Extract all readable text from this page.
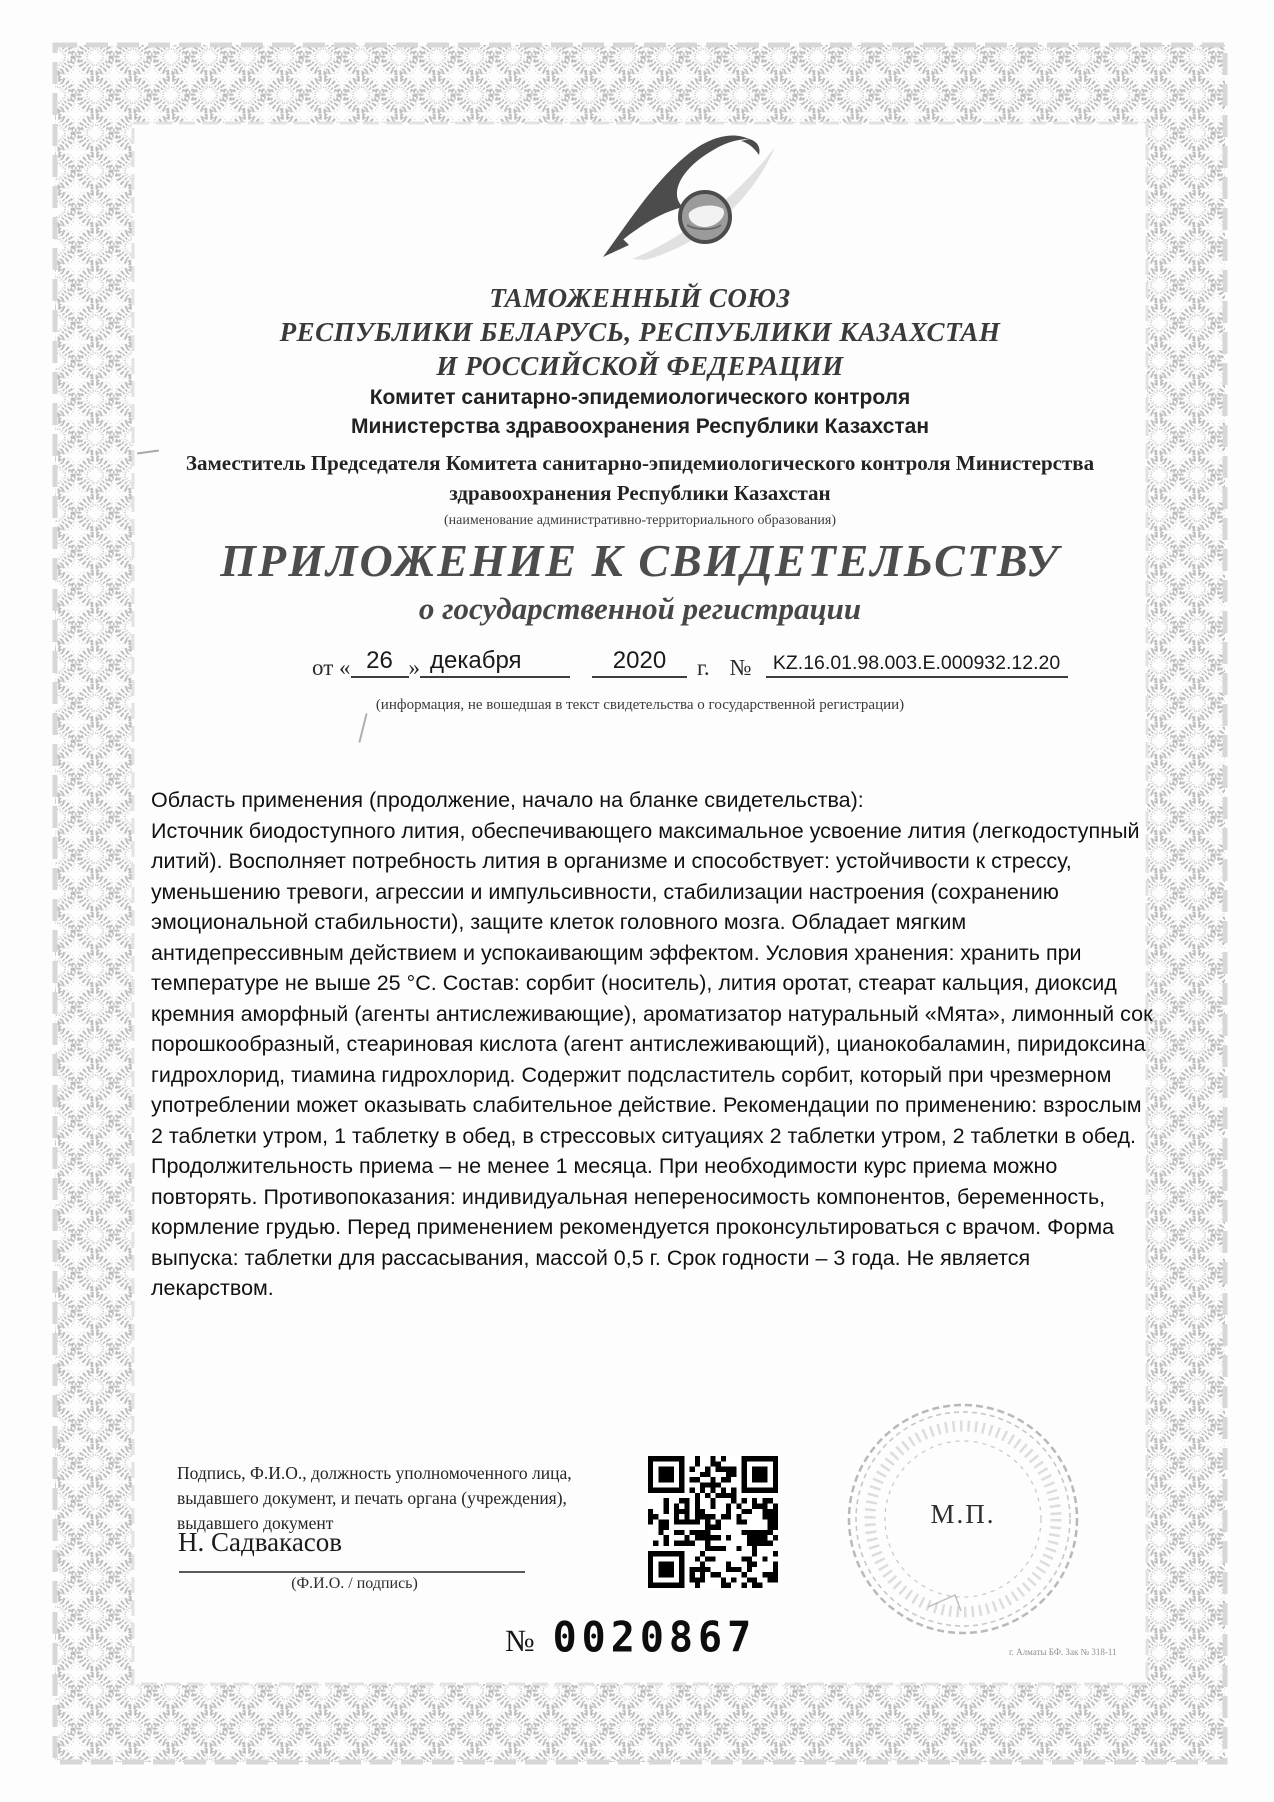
ТАМОЖЕННЫЙ СОЮЗ
РЕСПУБЛИКИ БЕЛАРУСЬ, РЕСПУБЛИКИ КАЗАХСТАН
И РОССИЙСКОЙ ФЕДЕРАЦИИ
Комитет санитарно-эпидемиологического контроля
Министерства здравоохранения Республики Казахстан
Заместитель Председателя Комитета санитарно-эпидемиологического контроля Министерства здравоохранения Республики Казахстан
(наименование административно-территориального образования)
ПРИЛОЖЕНИЕ К СВИДЕТЕЛЬСТВУ
о государственной регистрации
от « 26 » декабря	2020	г. №	KZ.16.01.98.003.E.000932.12.20
(информация, не вошедшая в текст свидетельства о государственной регистрации)

Область применения (продолжение, начало на бланке свидетельства):

Источник биодоступного лития, обеспечивающего максимальное усвоение лития (легкодоступный литий). Восполняет потребность лития в организме и способствует: устойчивости к стрессу, уменьшению тревоги, агрессии и импульсивности, стабилизации настроения (сохранению эмоциональной стабильности), защите клеток головного мозга. Обладает мягким антидепрессивным действием и успокаивающим эффектом. Условия хранения: хранить при температуре не выше 25 °С. Состав: сорбит (носитель), лития оротат, стеарат кальция, диоксид кремния аморфный (агенты антислеживающие), ароматизатор натуральный «Мята», лимонный сок порошкообразный, стеариновая кислота (агент антислеживающий), цианокобаламин, пиридоксина гидрохлорид, тиамина гидрохлорид. Содержит подсластитель сорбит, который при чрезмерном употреблении может оказывать слабительное действие. Рекомендации по применению: взрослым 2 таблетки утром, 1 таблетку в обед, в стрессовых ситуациях 2 таблетки утром, 2 таблетки в обед. Продолжительность приема – не менее 1 месяца. При необходимости курс приема можно повторять. Противопоказания: индивидуальная непереносимость компонентов, беременность, кормление грудью. Перед применением рекомендуется проконсультироваться с врачом. Форма выпуска: таблетки для рассасывания, массой 0,5 г. Срок годности – 3 года. Не является лекарством.

Подпись, Ф.И.О., должность уполномоченного лица,
выдавшего документ, и печать органа (учреждения),
выдавшего документ
Н. Садвакасов
(Ф.И.О. / подпись)
М.П.
№ 0020867	г. Алматы БФ. Зак № 318-11
